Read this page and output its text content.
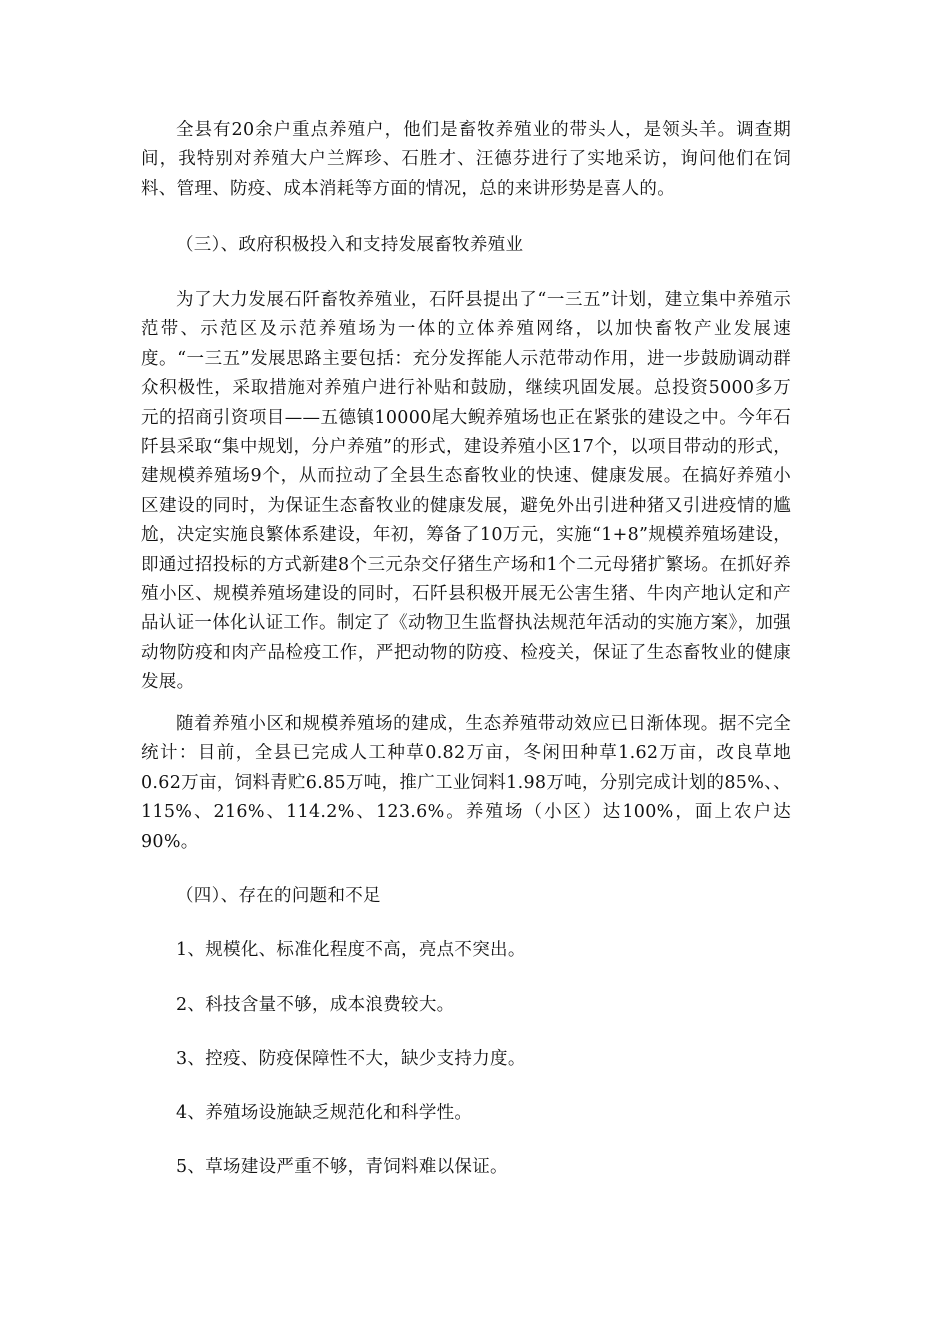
全县有20余户重点养殖户，他们是畜牧养殖业的带头人，是领头羊。调查期间，我特别对养殖大户兰辉珍、石胜才、汪德芬进行了实地采访，询问他们在饲料、管理、防疫、成本消耗等方面的情况，总的来讲形势是喜人的。

（三）、政府积极投入和支持发展畜牧养殖业

为了大力发展石阡畜牧养殖业，石阡县提出了“一三五”计划，建立集中养殖示范带、示范区及示范养殖场为一体的立体养殖网络，以加快畜牧产业发展速度。“一三五”发展思路主要包括：充分发挥能人示范带动作用，进一步鼓励调动群众积极性，采取措施对养殖户进行补贴和鼓励，继续巩固发展。总投资5000多万元的招商引资项目——五德镇10000尾大鲵养殖场也正在紧张的建设之中。今年石阡县采取“集中规划，分户养殖”的形式，建设养殖小区17个，以项目带动的形式，建规模养殖场9个，从而拉动了全县生态畜牧业的快速、健康发展。在搞好养殖小区建设的同时，为保证生态畜牧业的健康发展，避免外出引进种猪又引进疫情的尴尬，决定实施良繁体系建设，年初，筹备了10万元，实施“1+8”规模养殖场建设，即通过招投标的方式新建8个三元杂交仔猪生产场和1个二元母猪扩繁场。在抓好养殖小区、规模养殖场建设的同时，石阡县积极开展无公害生猪、牛肉产地认定和产品认证一体化认证工作。制定了《动物卫生监督执法规范年活动的实施方案》，加强动物防疫和肉产品检疫工作，严把动物的防疫、检疫关，保证了生态畜牧业的健康发展。

随着养殖小区和规模养殖场的建成，生态养殖带动效应已日渐体现。据不完全统计：目前，全县已完成人工种草0.82万亩，冬闲田种草1.62万亩，改良草地0.62万亩，饲料青贮6.85万吨，推广工业饲料1.98万吨，分别完成计划的85%、、115%、216%、114.2%、123.6%。养殖场（小区）达100%，面上农户达90%。

（四）、存在的问题和不足

1、规模化、标准化程度不高，亮点不突出。

2、科技含量不够，成本浪费较大。

3、控疫、防疫保障性不大，缺少支持力度。

4、养殖场设施缺乏规范化和科学性。

5、草场建设严重不够，青饲料难以保证。
